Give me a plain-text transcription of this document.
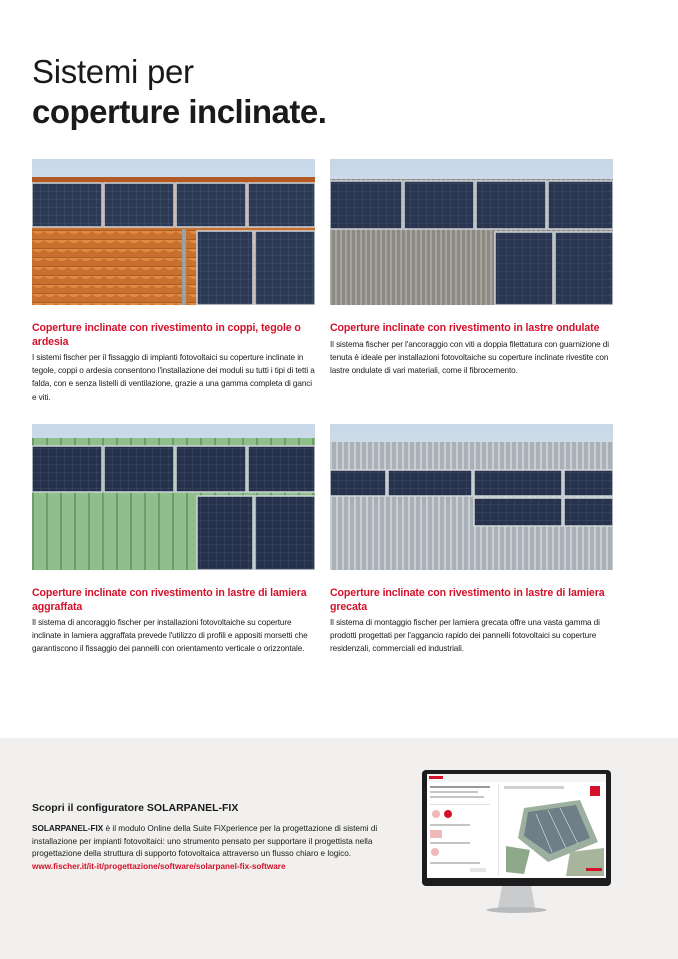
Sistemi per
coperture inclinate.
Coperture inclinate con rivestimento in coppi, tegole o ardesia

I sistemi fischer per il fissaggio di impianti fotovoltaici su coperture inclinate in tegole, coppi o ardesia consentono l'installazione dei moduli su tutti i tipi di tetti a falda, con e senza listelli di ventilazione, grazie a una gamma completa di ganci e viti.

Coperture inclinate con rivestimento in lastre ondulate

Il sistema fischer per l'ancoraggio con viti a doppia filettatura con guarnizione di tenuta è ideale per installazioni fotovoltaiche su coperture inclinate rivestite con lastre ondulate di vari materiali, come il fibrocemento.

Coperture inclinate con rivestimento in lastre di lamiera aggraffata

Il sistema di ancoraggio fischer per installazioni fotovoltaiche su coperture inclinate in lamiera aggraffata prevede l'utilizzo di profili e appositi morsetti che garantiscono il fissaggio dei pannelli con orientamento verticale o orizzontale.

Coperture inclinate con rivestimento in lastre di lamiera grecata

Il sistema di montaggio fischer per lamiera grecata offre una vasta gamma di prodotti progettati per l'aggancio rapido dei pannelli fotovoltaici su coperture residenzali, commerciali ed industriali.

Scopri il configuratore SOLARPANEL-FIX

SOLARPANEL-FIX è il modulo Online della Suite FiXperience per la progettazione di sistemi di installazione per impianti fotovoltaici: uno strumento pensato per supportare il progettista nella progettazione della struttura di supporto fotovoltaica attraverso un flusso chiaro e logico.

www.fischer.it/it-it/progettazione/software/solarpanel-fix-software
